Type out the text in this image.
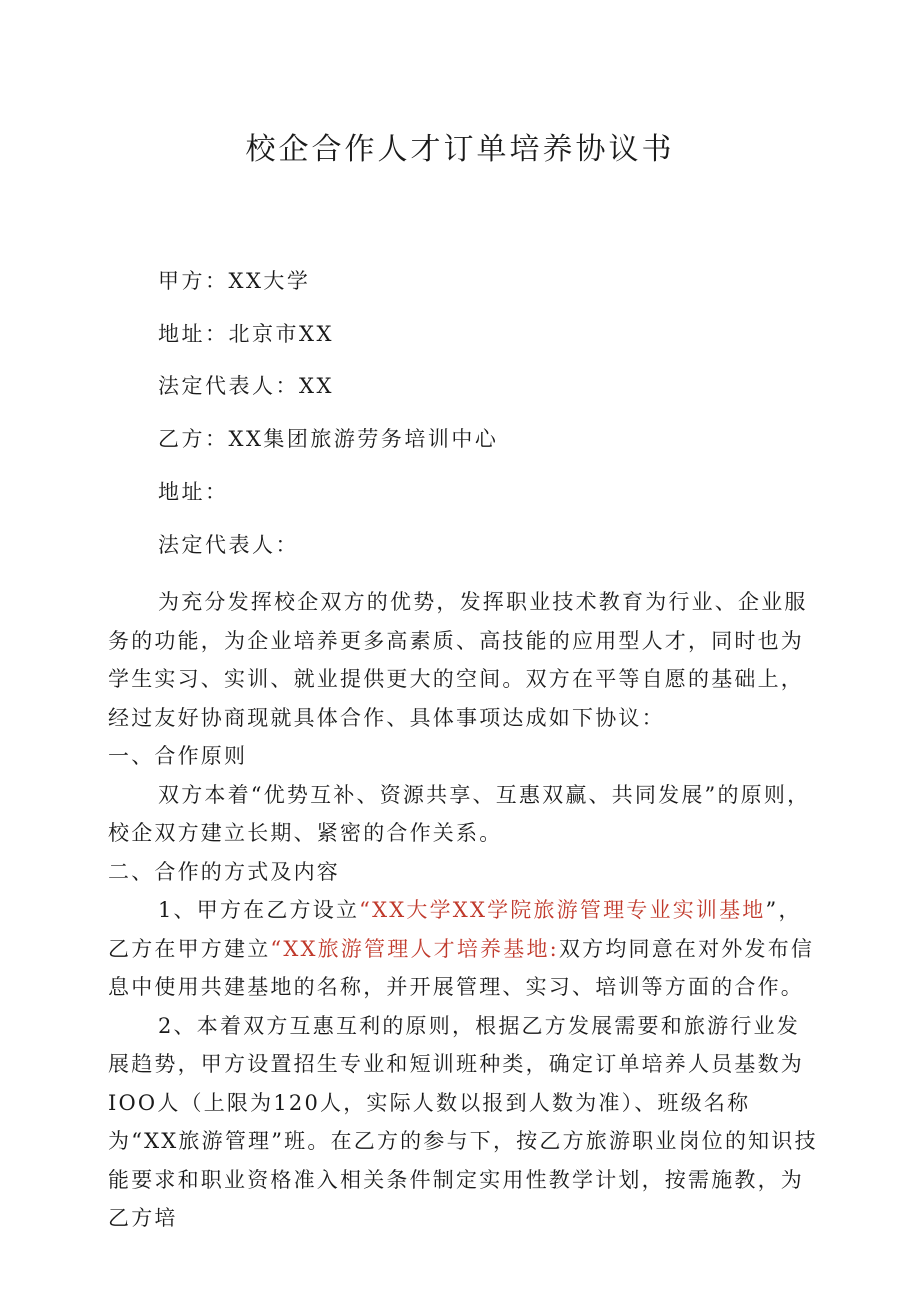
校企合作人才订单培养协议书
甲方：XX大学
地址：北京市XX
法定代表人：XX
乙方：XX集团旅游劳务培训中心
地址：
法定代表人：

为充分发挥校企双方的优势，发挥职业技术教育为行业、企业服务的功能，为企业培养更多高素质、高技能的应用型人才，同时也为学生实习、实训、就业提供更大的空间。双方在平等自愿的基础上，经过友好协商现就具体合作、具体事项达成如下协议：

一、合作原则

双方本着“优势互补、资源共享、互惠双赢、共同发展”的原则，校企双方建立长期、紧密的合作关系。

二、合作的方式及内容

1、甲方在乙方设立“XX大学XX学院旅游管理专业实训基地”，乙方在甲方建立“XX旅游管理人才培养基地:双方均同意在对外发布信息中使用共建基地的名称，并开展管理、实习、培训等方面的合作。

2、本着双方互惠互利的原则，根据乙方发展需要和旅游行业发展趋势，甲方设置招生专业和短训班种类，确定订单培养人员基数为IOO人（上限为120人，实际人数以报到人数为准）、班级名称为“XX旅游管理”班。在乙方的参与下，按乙方旅游职业岗位的知识技能要求和职业资格准入相关条件制定实用性教学计划，按需施教，为乙方培
